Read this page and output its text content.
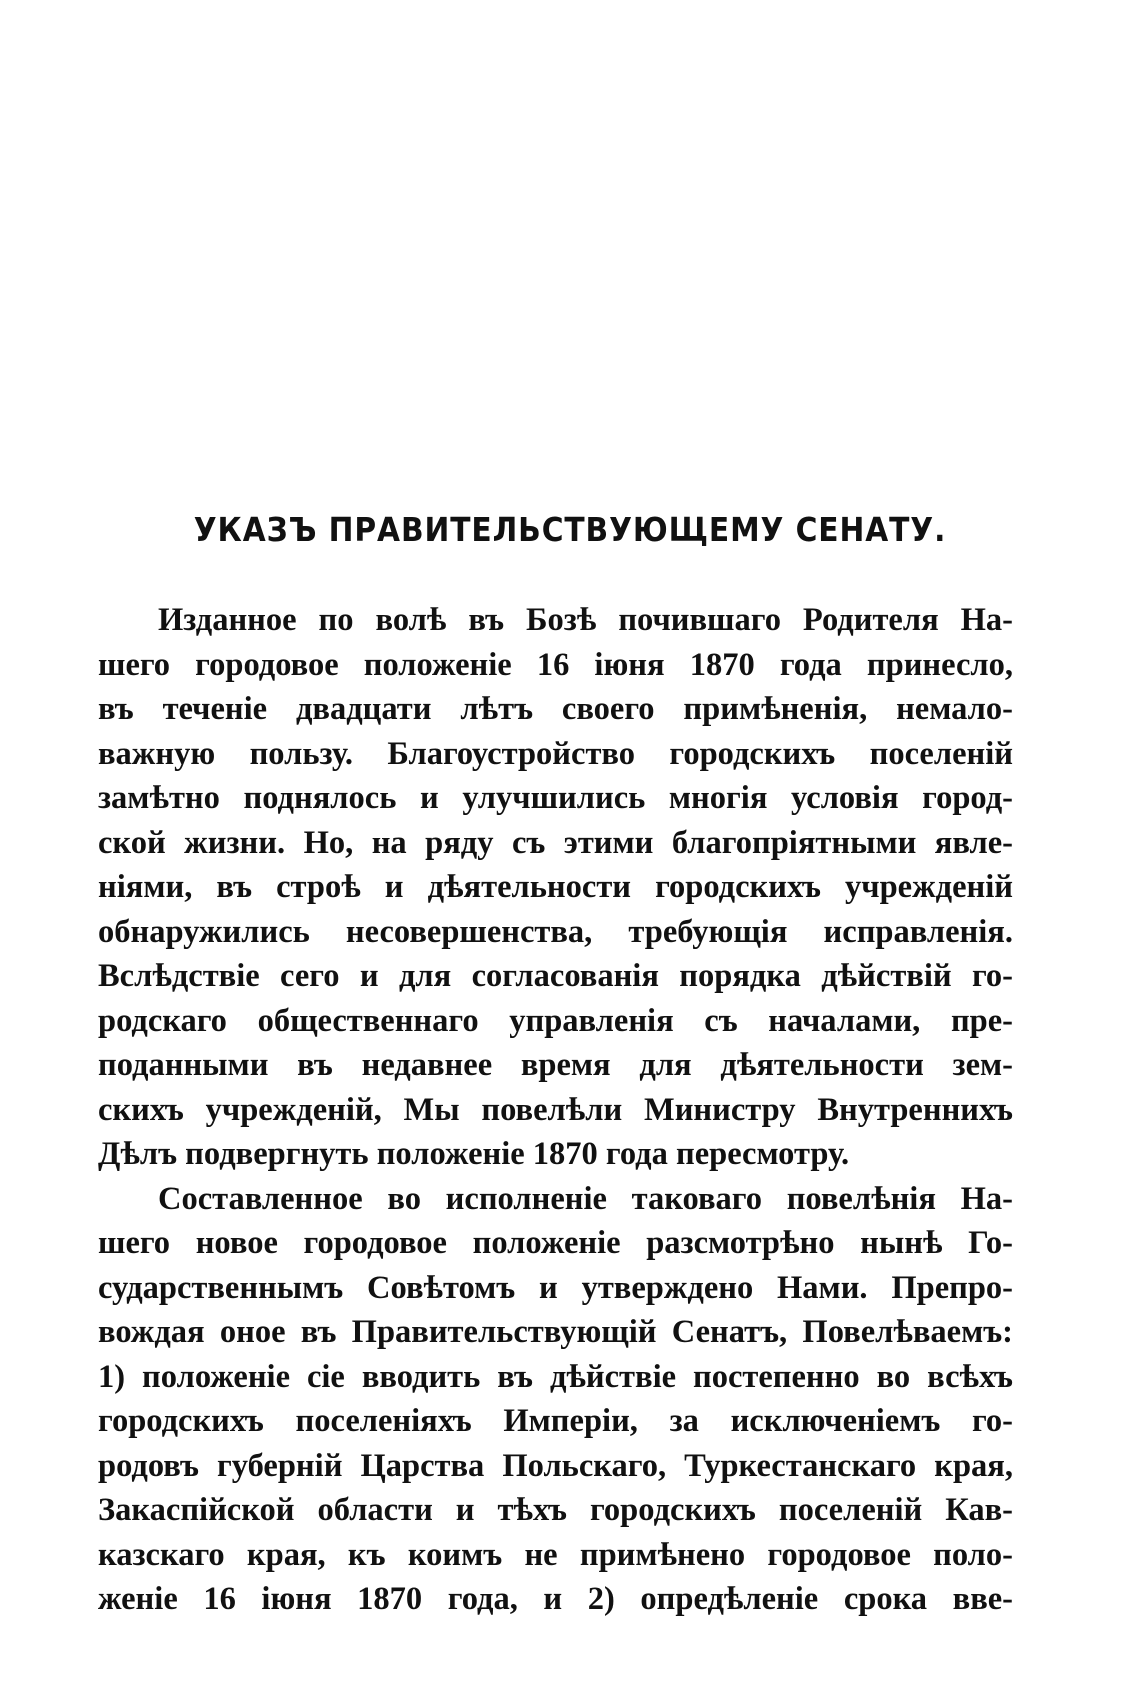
УКАЗЪ ПРАВИТЕЛЬСТВУЮЩЕМУ СЕНАТУ.
Изданное по волѣ въ Бозѣ почившаго Родителя На-
шего городовое положеніе 16 іюня 1870 года принесло,
въ теченіе двадцати лѣтъ своего примѣненія, немало-
важную пользу. Благоустройство городскихъ поселеній
замѣтно поднялось и улучшились многія условія город-
ской жизни. Но, на ряду съ этими благопріятными явле-
ніями, въ строѣ и дѣятельности городскихъ учрежденій
обнаружились несовершенства, требующія исправленія.
Вслѣдствіе сего и для согласованія порядка дѣйствій го-
родскаго общественнаго управленія съ началами, пре-
поданными въ недавнее время для дѣятельности зем-
скихъ учрежденій, Мы повелѣли Министру Внутреннихъ
Дѣлъ подвергнуть положеніе 1870 года пересмотру.
Составленное во исполненіе таковаго повелѣнія На-
шего новое городовое положеніе разсмотрѣно нынѣ Го-
сударственнымъ Совѣтомъ и утверждено Нами. Препро-
вождая оное въ Правительствующій Сенатъ, Повелѣваемъ:
1) положеніе сіе вводить въ дѣйствіе постепенно во всѣхъ
городскихъ поселеніяхъ Имперіи, за исключеніемъ го-
родовъ губерній Царства Польскаго, Туркестанскаго края,
Закаспійской области и тѣхъ городскихъ поселеній Кав-
казскаго края, къ коимъ не примѣнено городовое поло-
женіе 16 іюня 1870 года, и 2) опредѣленіе срока вве-
